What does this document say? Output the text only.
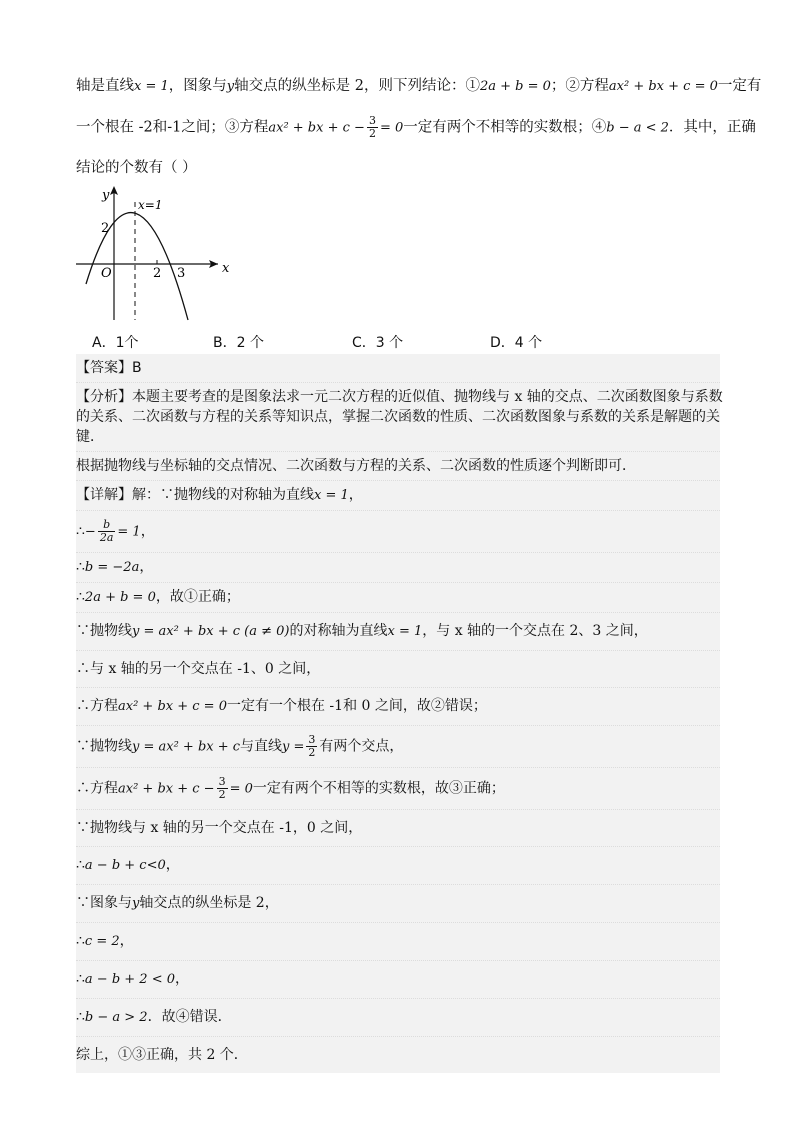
轴是直线x = 1，图象与y轴交点的纵坐标是 2，则下列结论：①2a + b = 0；②方程ax² + bx + c = 0一定有
一个根在 -2和-1之间；③方程ax² + bx + $c - \frac{3}{2} = 0$一定有两个不相等的实数根；④b − a < 2．其中，正确
结论的个数有（ ）
y
x
O
2
2 3
x=1
A．1个	B．2 个	C．3 个	D．4 个
【答案】B
【分析】本题主要考查的是图象法求一元二次方程的近似值、抛物线与 x 轴的交点、二次函数图象与系数
的关系、二次函数与方程的关系等知识点，掌握二次函数的性质、二次函数图象与系数的关系是解题的关
键．
根据抛物线与坐标轴的交点情况、二次函数与方程的关系、二次函数的性质逐个判断即可．
【详解】解：∵抛物线的对称轴为直线x = 1，
∴− $\frac{b}{2a} = 1$，
∴b = −2a，
∴2a + b = 0，故①正确；
∵抛物线y = ax² + bx + c (a ≠ 0)的对称轴为直线x = 1，与 x 轴的一个交点在 2、3 之间，
∴与 x 轴的另一个交点在 -1、0 之间，
∴方程ax² + bx + c = 0一定有一个根在 -1和 0 之间，故②错误；
∵抛物线y = ax² + bx + c与直线$y = \frac{3}{2}$ 有两个交点，
∴方程ax² + bx + $c - \frac{3}{2} = 0$一定有两个不相等的实数根，故③正确；
∵抛物线与 x 轴的另一个交点在 -1，0 之间，
∴a − b + c<0，
∵图象与y轴交点的纵坐标是 2，
∴c = 2，
∴a − b + 2 < 0，
∴b − a > 2．故④错误．
综上，①③正确，共 2 个．
